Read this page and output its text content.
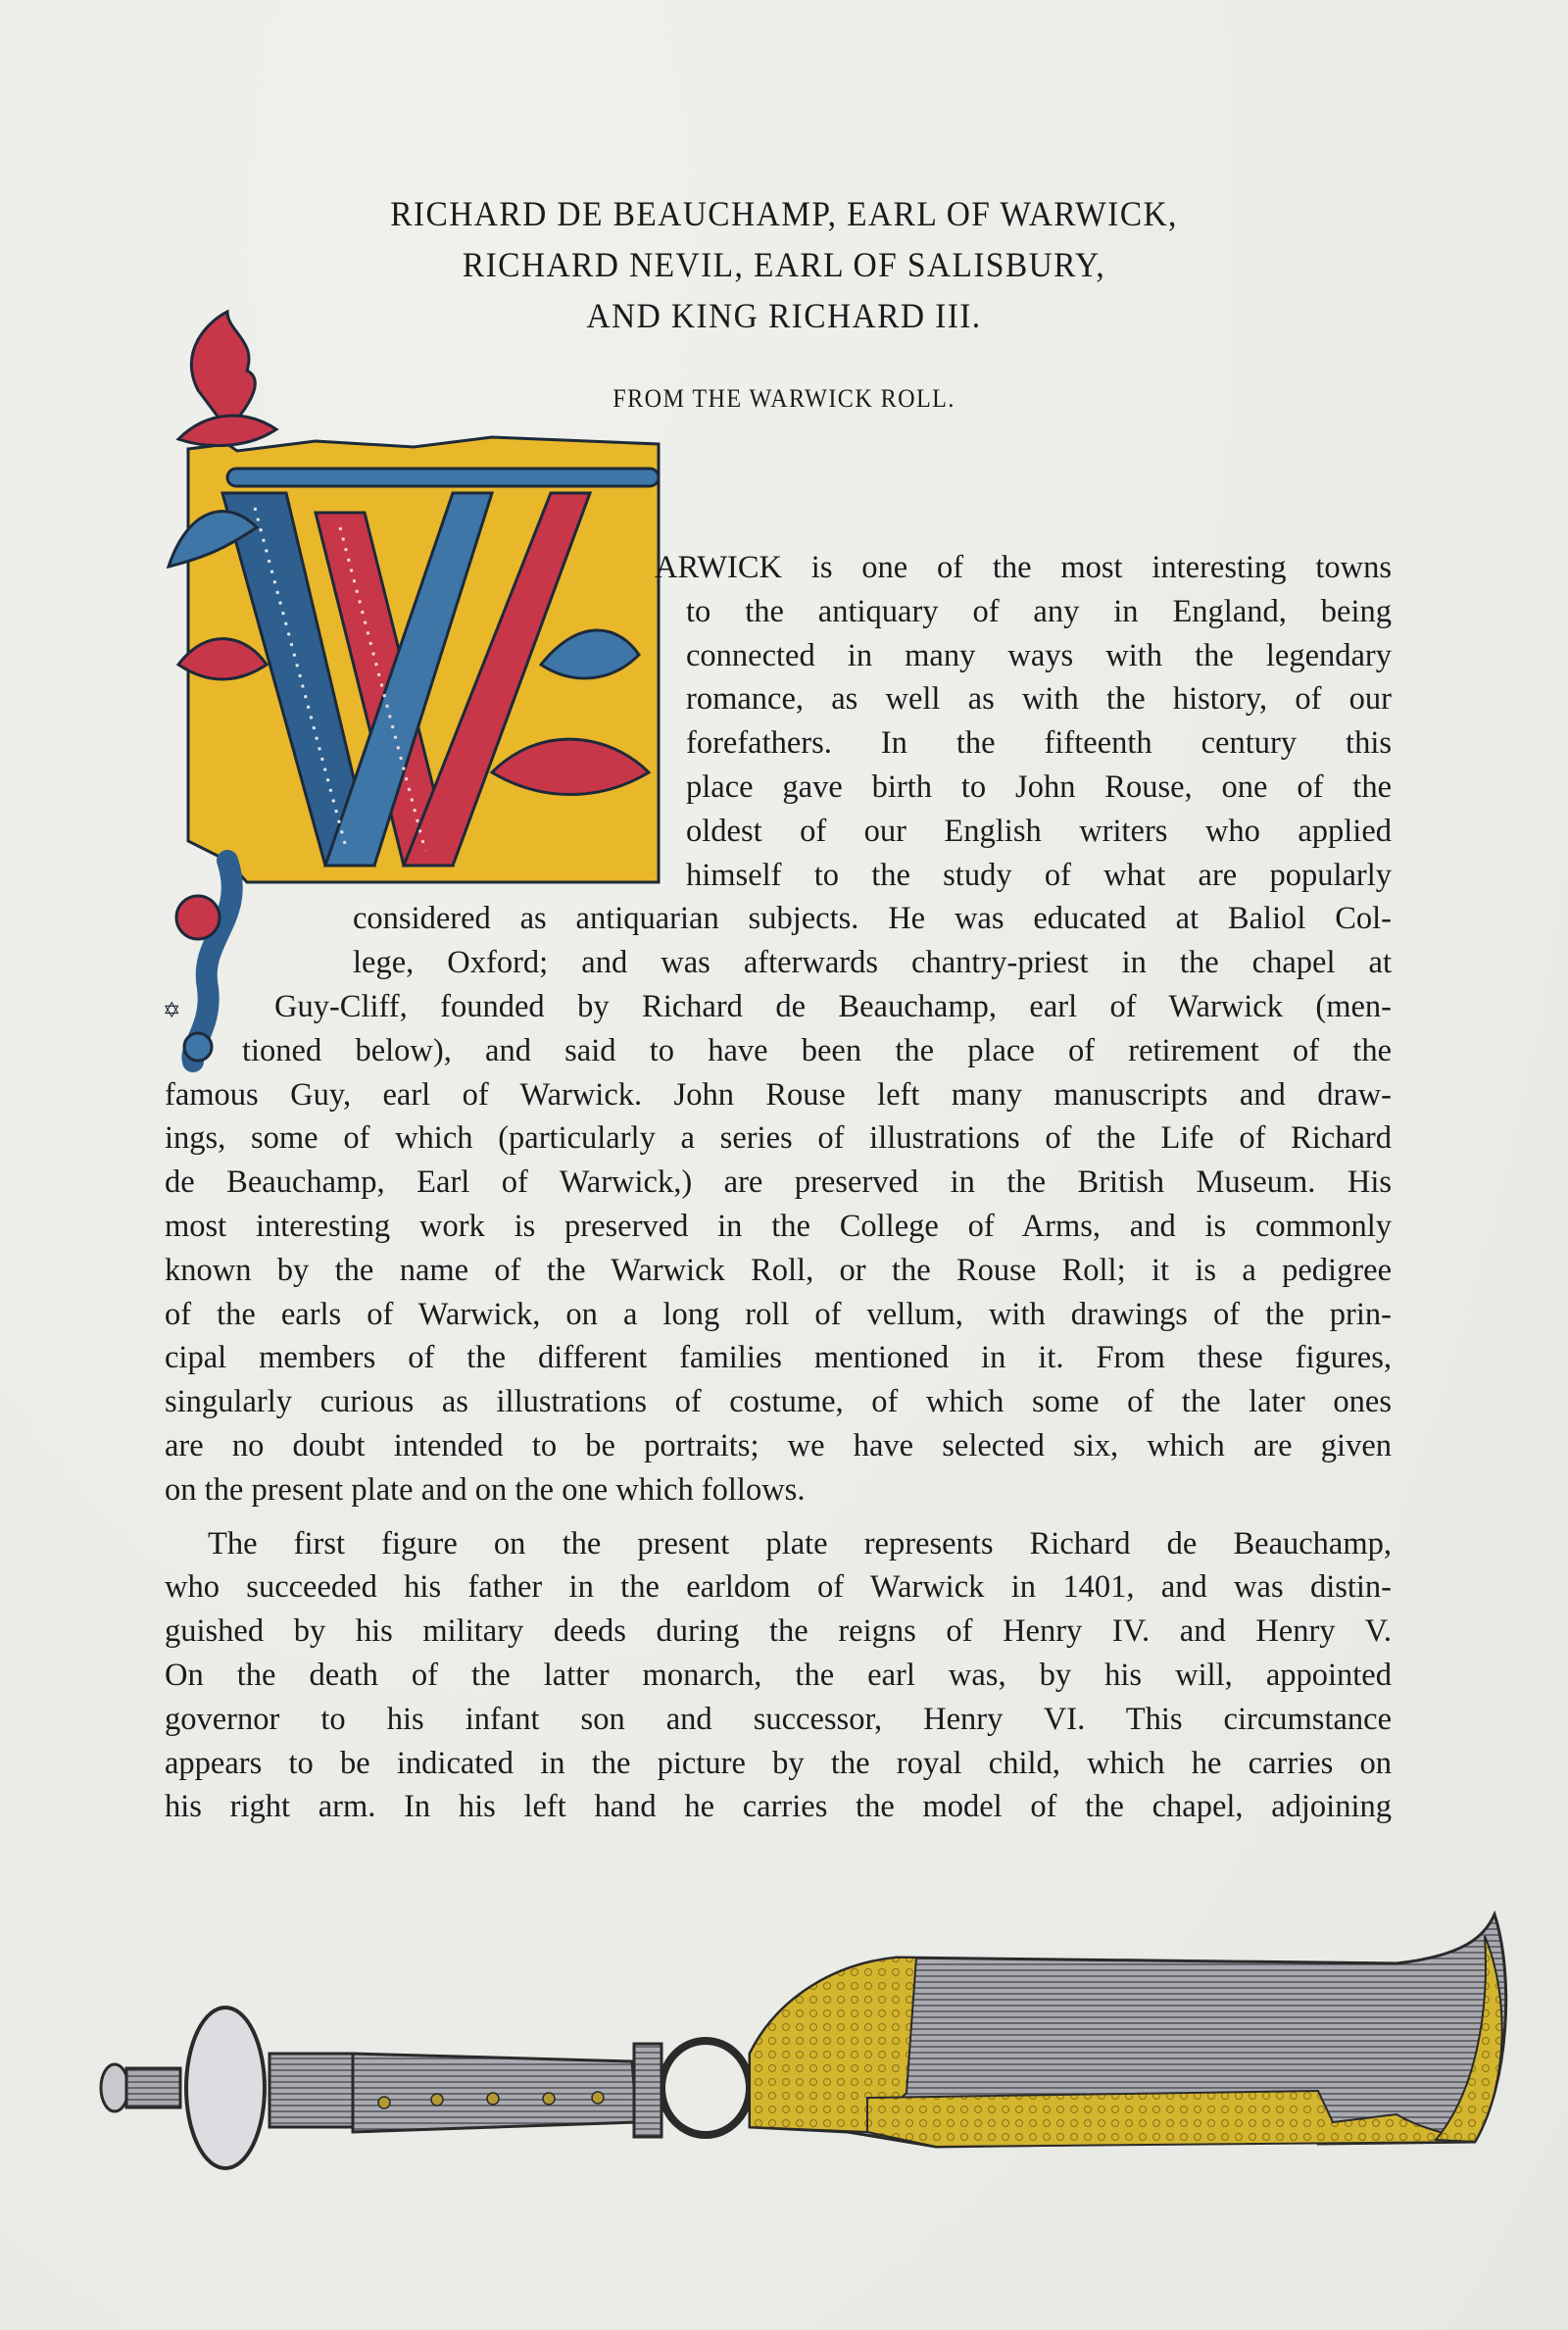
RICHARD DE BEAUCHAMP, EARL OF WARWICK,
RICHARD NEVIL, EARL OF SALISBURY,
AND KING RICHARD III.
FROM THE WARWICK ROLL.
✡
ARWICK is one of the most interesting towns
to the antiquary of any in England, being
connected in many ways with the legendary
romance, as well as with the history, of our
forefathers. In the fifteenth century this
place gave birth to John Rouse, one of the
oldest of our English writers who applied
himself to the study of what are popularly
considered as antiquarian subjects. He was educated at Baliol Col-
lege, Oxford; and was afterwards chantry-priest in the chapel at
Guy-Cliff, founded by Richard de Beauchamp, earl of Warwick (men-
tioned below), and said to have been the place of retirement of the
famous Guy, earl of Warwick. John Rouse left many manuscripts and draw-
ings, some of which (particularly a series of illustrations of the Life of Richard
de Beauchamp, Earl of Warwick,) are preserved in the British Museum. His
most interesting work is preserved in the College of Arms, and is commonly
known by the name of the Warwick Roll, or the Rouse Roll; it is a pedigree
of the earls of Warwick, on a long roll of vellum, with drawings of the prin-
cipal members of the different families mentioned in it. From these figures,
singularly curious as illustrations of costume, of which some of the later ones
are no doubt intended to be portraits; we have selected six, which are given
on the present plate and on the one which follows.
The first figure on the present plate represents Richard de Beauchamp,
who succeeded his father in the earldom of Warwick in 1401, and was distin-
guished by his military deeds during the reigns of Henry IV. and Henry V.
On the death of the latter monarch, the earl was, by his will, appointed
governor to his infant son and successor, Henry VI. This circumstance
appears to be indicated in the picture by the royal child, which he carries on
his right arm. In his left hand he carries the model of the chapel, adjoining
